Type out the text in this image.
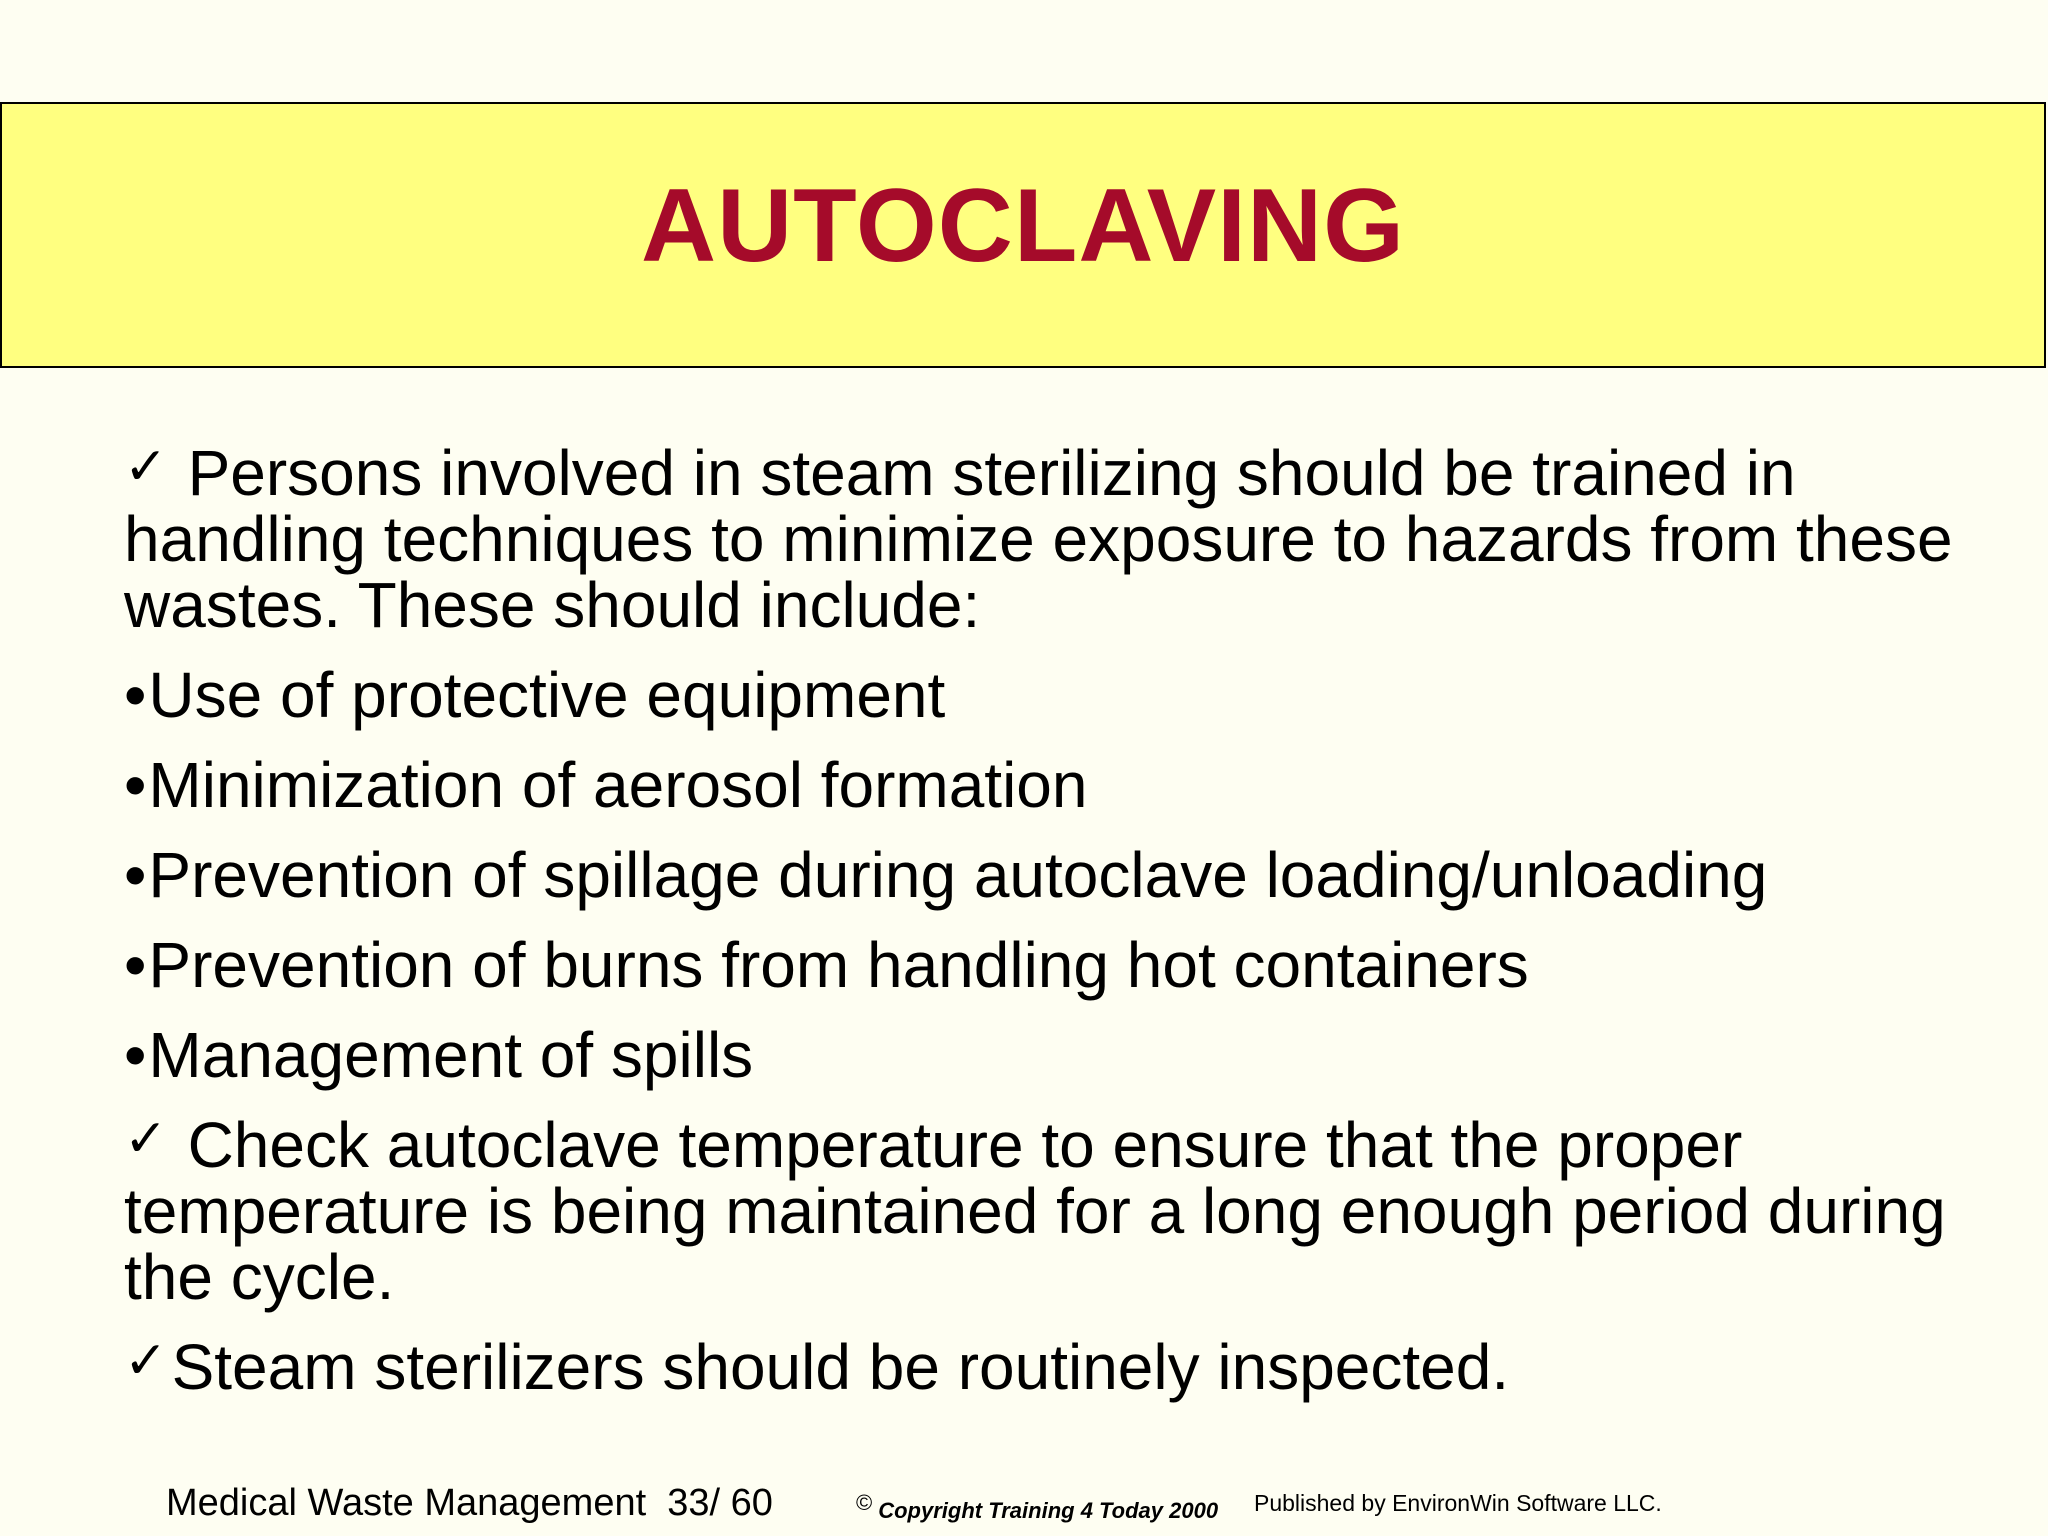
AUTOCLAVING
✓ Persons involved in steam sterilizing should be trained in handling techniques to minimize exposure to hazards from these wastes. These should include:
•Use of protective equipment
•Minimization of aerosol formation
•Prevention of spillage during autoclave loading/unloading
•Prevention of burns from handling hot containers
•Management of spills
✓ Check autoclave temperature to ensure that the proper temperature is being maintained for a long enough period during the cycle.
✓Steam sterilizers should be routinely inspected.
Medical Waste Management 33/ 60	© Copyright Training 4 Today 2000 Published by EnvironWin Software LLC.
